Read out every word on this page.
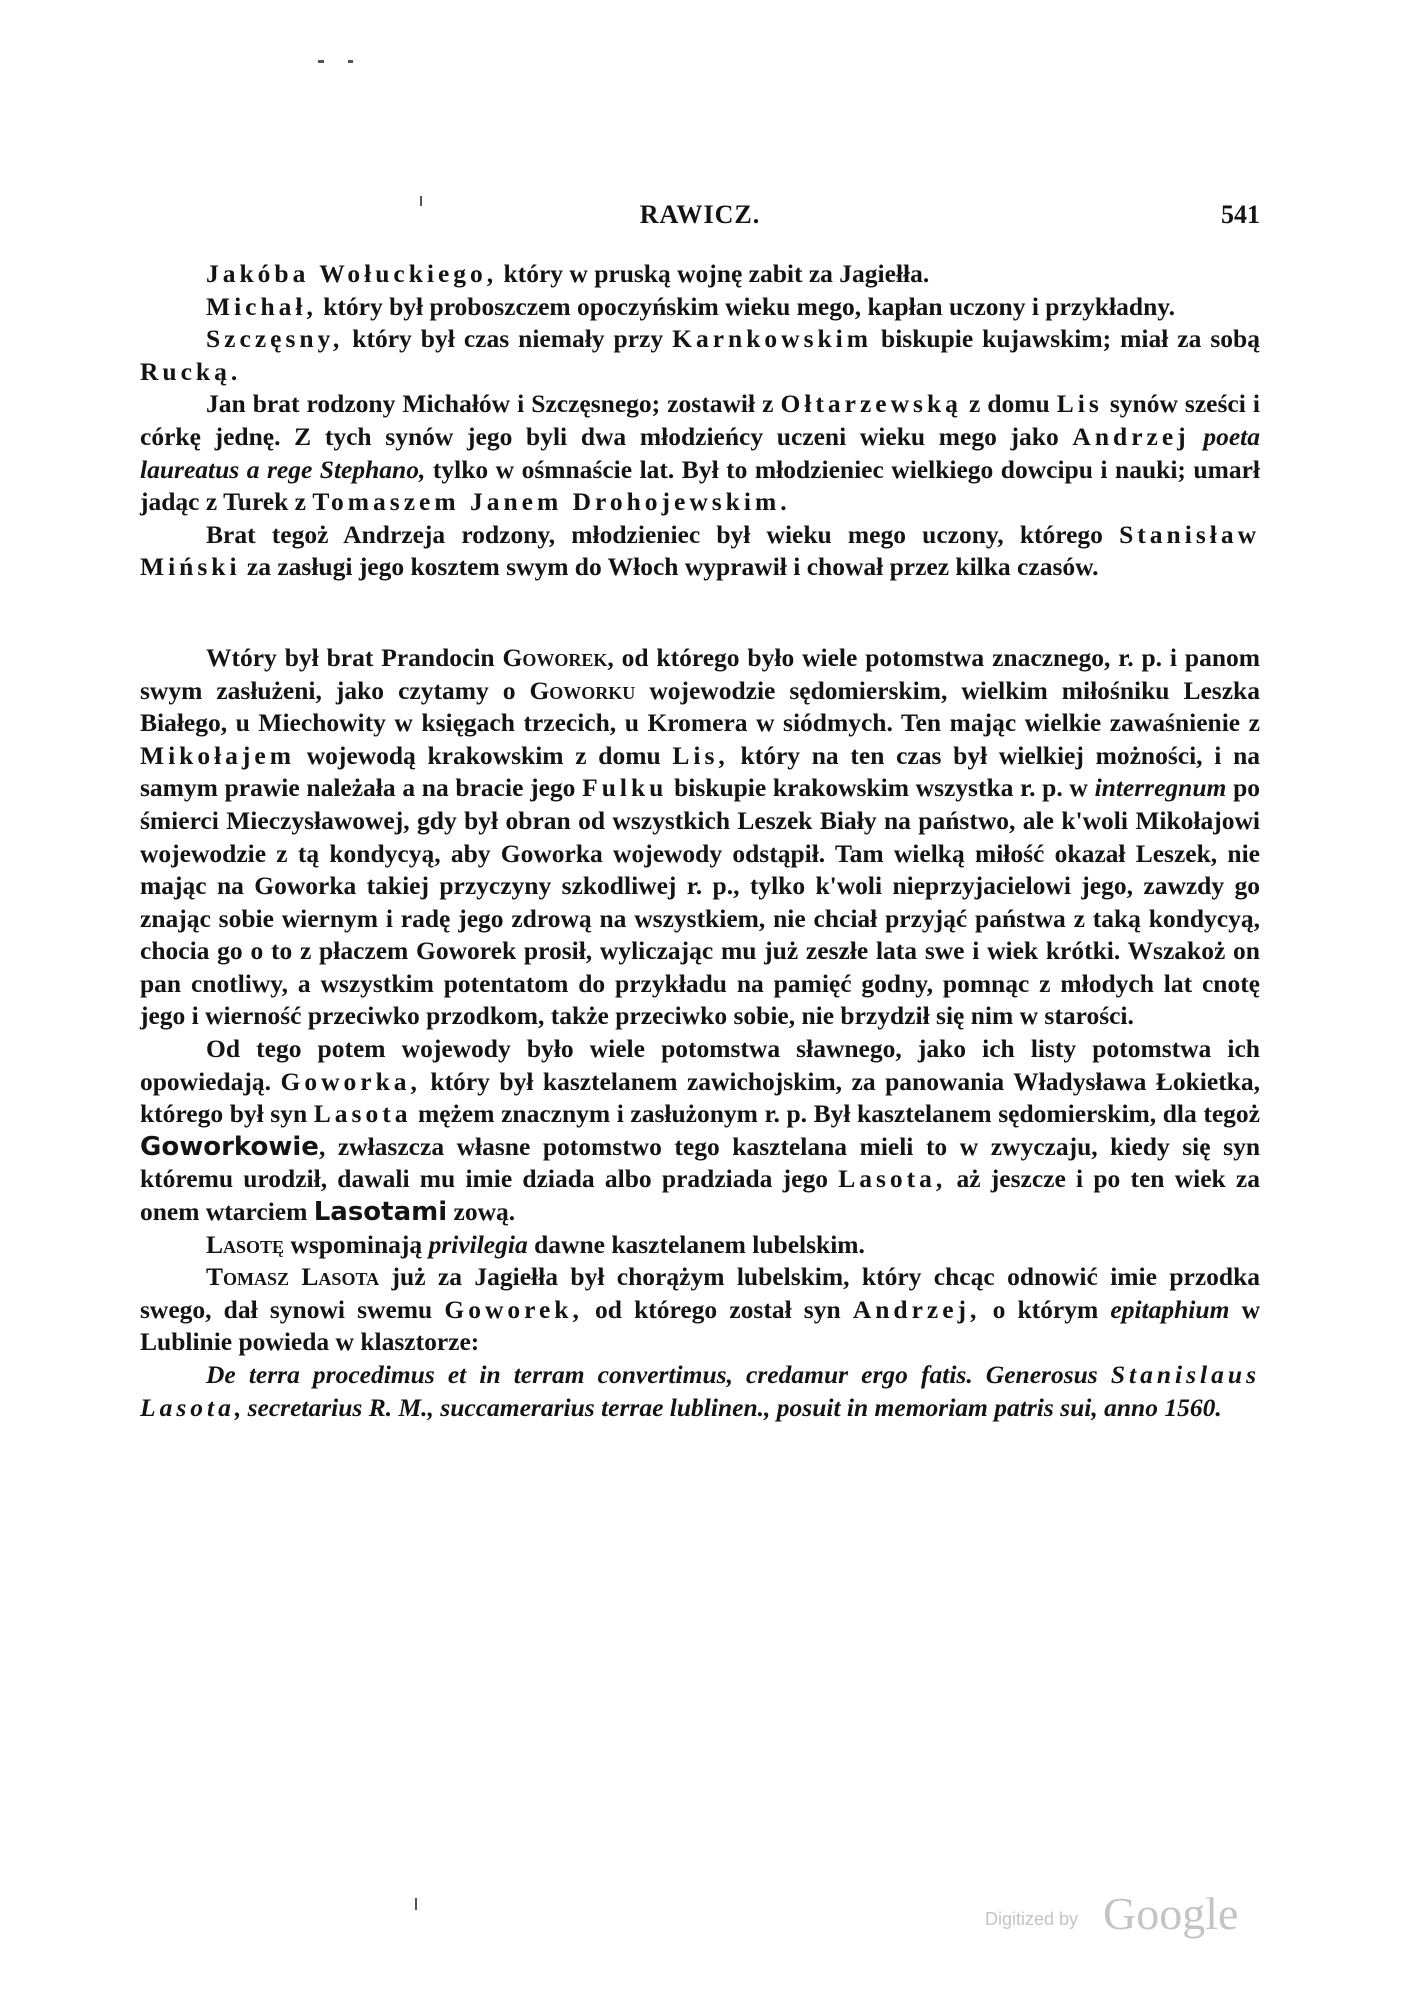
RAWICZ.	541

Jakóba Wołuckiego, który w pruską wojnę zabit za Jagiełła.

Michał, który był proboszczem opoczyńskim wieku mego, kapłan uczony i przykładny.

Szczęsny, który był czas niemały przy Karnkowskim biskupie kujawskim; miał za sobą Rucką.

Jan brat rodzony Michałów i Szczęsnego; zostawił z Ołtarzewską z domu Lis synów sześci i córkę jednę. Z tych synów jego byli dwa młodzieńcy uczeni wieku mego jako Andrzej poeta laureatus a rege Stephano, tylko w ośmnaście lat. Był to młodzieniec wielkiego dowcipu i nauki; umarł jadąc z Turek z Tomaszem Janem Drohojewskim.

Brat tegoż Andrzeja rodzony, młodzieniec był wieku mego uczony, którego Stanisław Miński za zasługi jego kosztem swym do Włoch wyprawił i chował przez kilka czasów.

Wtóry był brat Prandocin Goworek, od którego było wiele potomstwa znacznego, r. p. i panom swym zasłużeni, jako czytamy o Goworku wojewodzie sędomierskim, wielkim miłośniku Leszka Białego, u Miechowity w księgach trzecich, u Kromera w siódmych. Ten mając wielkie zawaśnienie z Mikołajem wojewodą krakowskim z domu Lis, który na ten czas był wielkiej możności, i na samym prawie należała a na bracie jego Fulku biskupie krakowskim wszystka r. p. w interregnum po śmierci Mieczysławowej, gdy był obran od wszystkich Leszek Biały na państwo, ale k'woli Mikołajowi wojewodzie z tą kondycyą, aby Goworka wojewody odstąpił. Tam wielką miłość okazał Leszek, nie mając na Goworka takiej przyczyny szkodliwej r. p., tylko k'woli nieprzyjacielowi jego, zawzdy go znając sobie wiernym i radę jego zdrową na wszystkiem, nie chciał przyjąć państwa z taką kondycyą, chocia go o to z płaczem Goworek prosił, wyliczając mu już zeszłe lata swe i wiek krótki. Wszakoż on pan cnotliwy, a wszystkim potentatom do przykładu na pamięć godny, pomnąc z młodych lat cnotę jego i wierność przeciwko przodkom, także przeciwko sobie, nie brzydził się nim w starości.

Od tego potem wojewody było wiele potomstwa sławnego, jako ich listy potomstwa ich opowiedają. Goworka, który był kasztelanem zawichojskim, za panowania Władysława Łokietka, którego był syn Lasota mężem znacznym i zasłużonym r. p. Był kasztelanem sędomierskim, dla tegoż Goworkowie, zwłaszcza własne potomstwo tego kasztelana mieli to w zwyczaju, kiedy się syn któremu urodził, dawali mu imie dziada albo pradziada jego Lasota, aż jeszcze i po ten wiek za onem wtarciem Lasotami zową.

Lasotę wspominają privilegia dawne kasztelanem lubelskim.

Tomasz Lasota już za Jagiełła był chorążym lubelskim, który chcąc odnowić imie przodka swego, dał synowi swemu Goworek, od którego został syn Andrzej, o którym epitaphium w Lublinie powieda w klasztorze:

De terra procedimus et in terram convertimus, credamur ergo fatis. Generosus Stanislaus Lasota, secretarius R. M., succamerarius terrae lublinen., posuit in memoriam patris sui, anno 1560.

Digitized by Google
